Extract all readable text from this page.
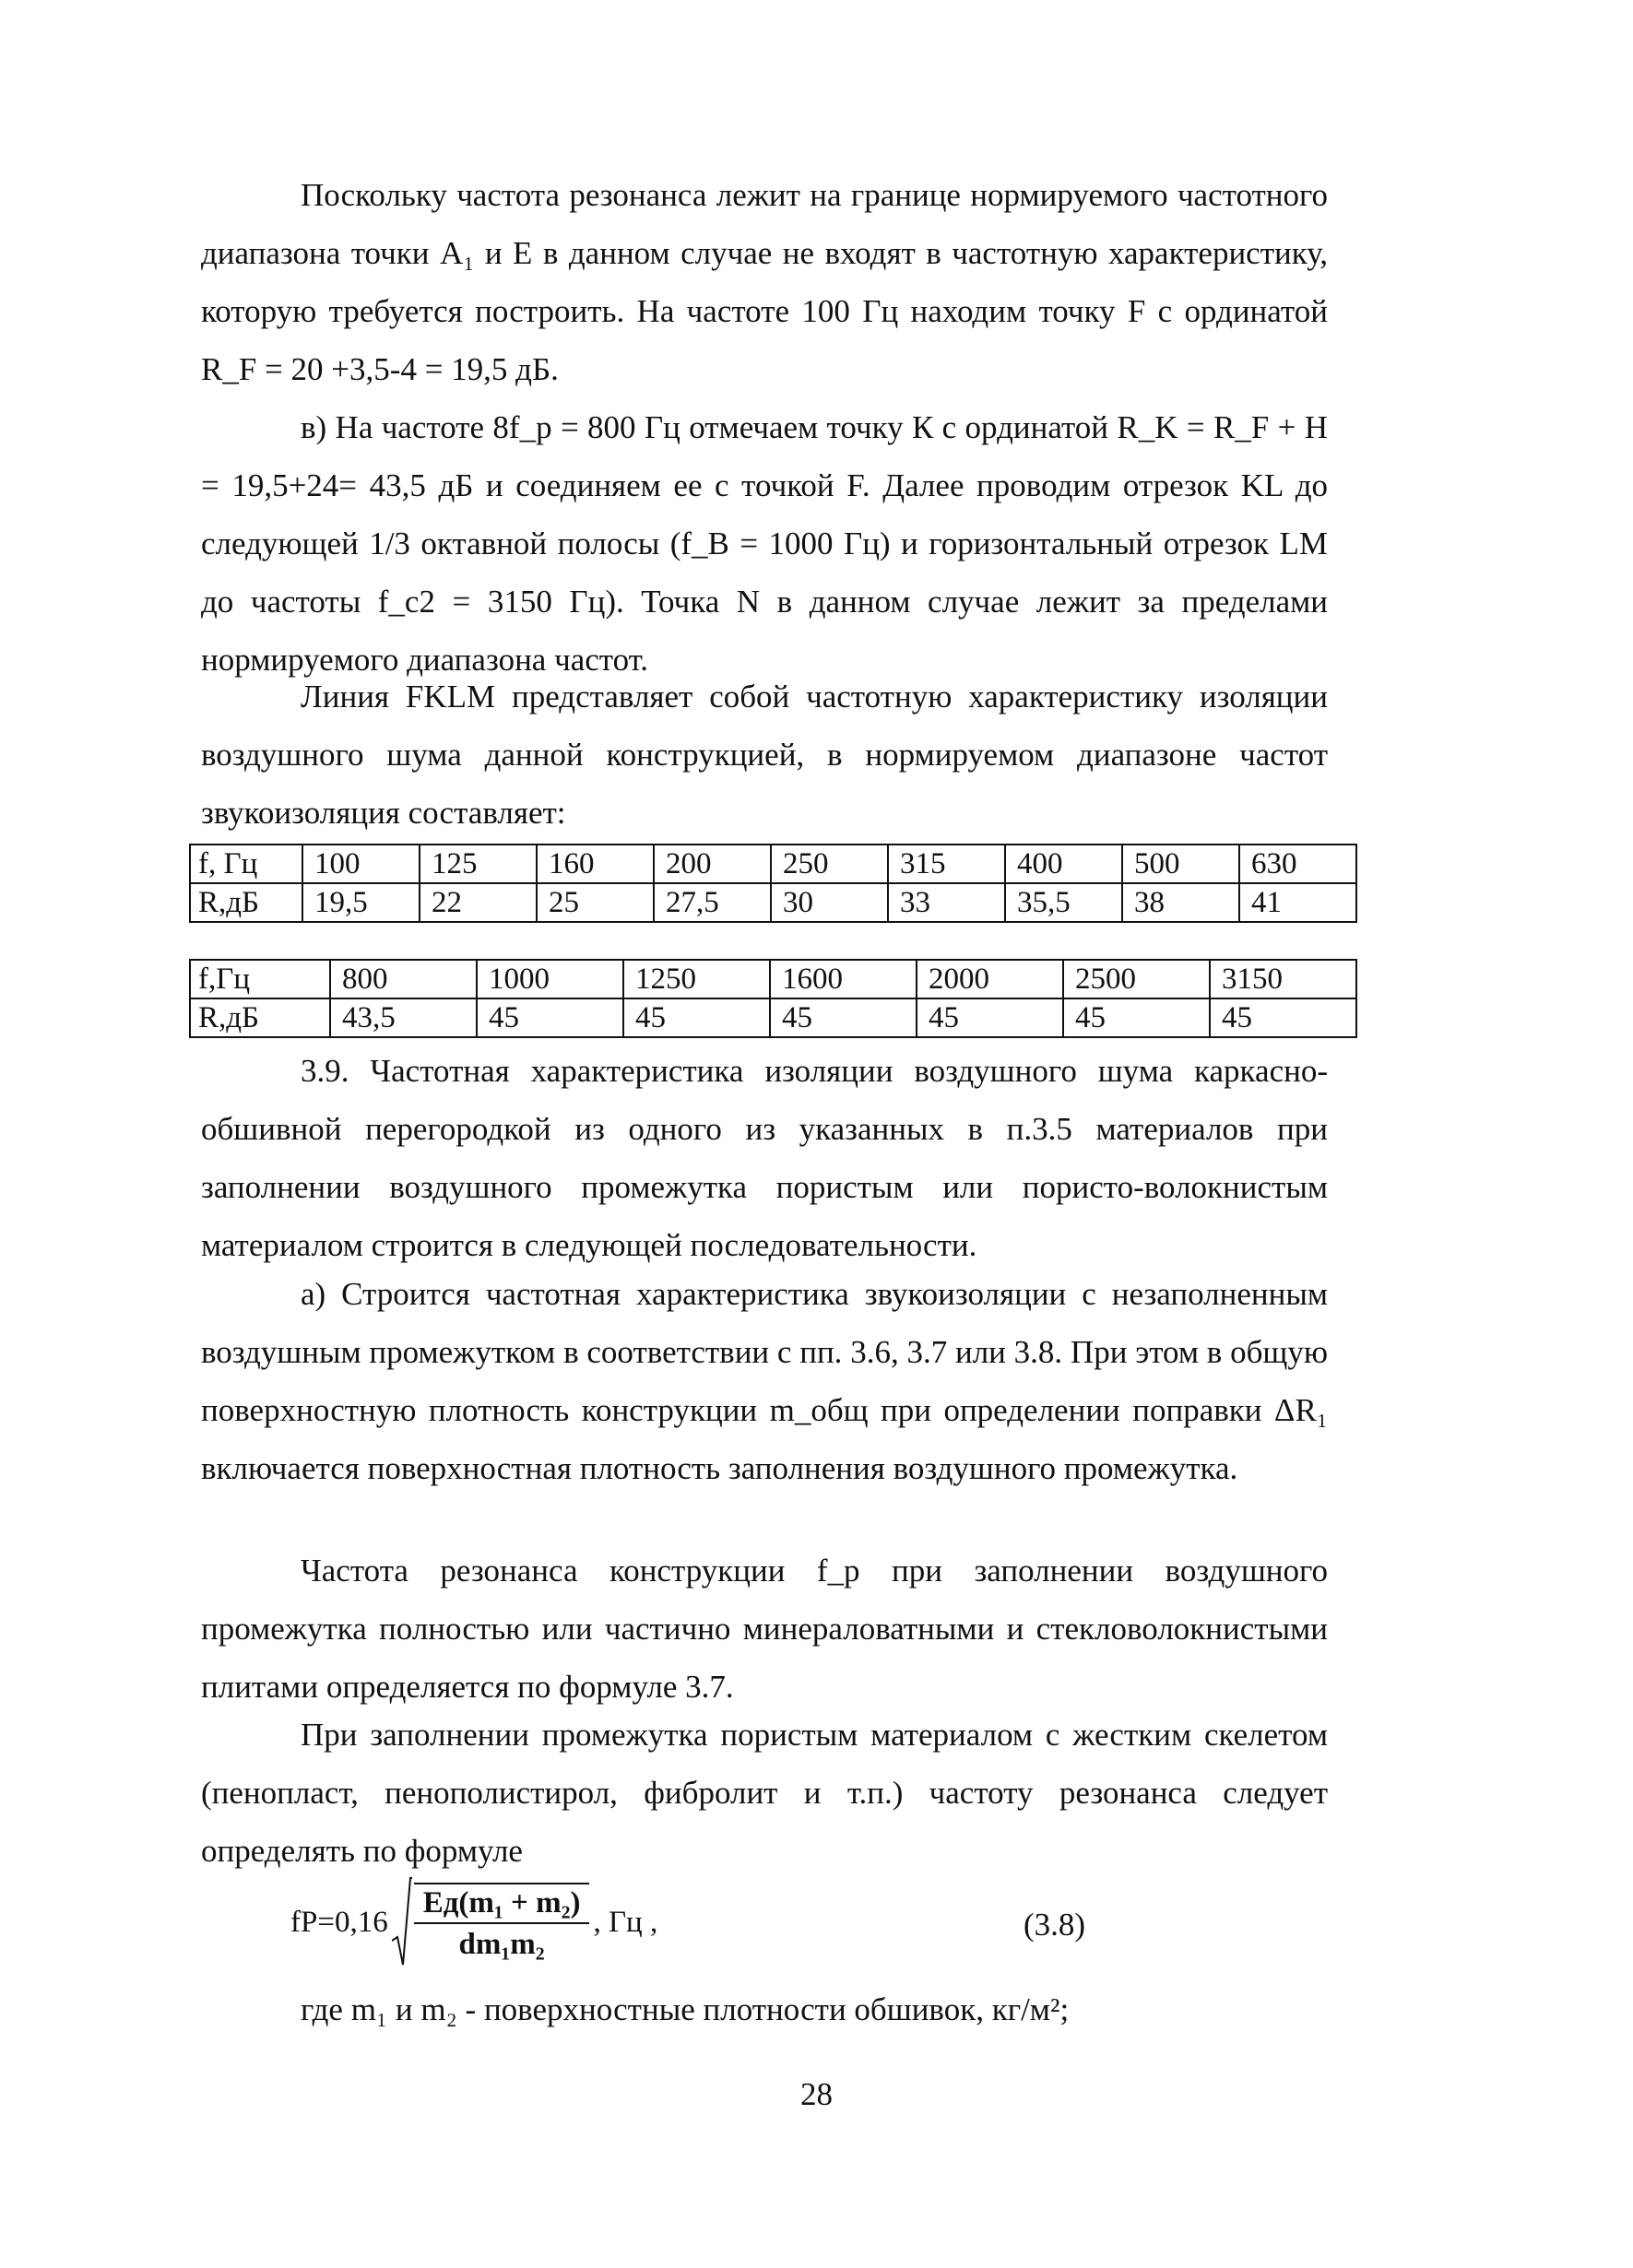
Поскольку частота резонанса лежит на границе нормируемого частотного диапазона точки A₁ и E в данном случае не входят в частотную характеристику, которую требуется построить. На частоте 100 Гц находим точку F с ординатой R_F = 20 +3,5-4 = 19,5 дБ.

в) На частоте 8f_p = 800 Гц отмечаем точку К с ординатой R_K = R_F + H = 19,5+24= 43,5 дБ и соединяем ее с точкой F. Далее проводим отрезок KL до следующей 1/3 октавной полосы (f_B = 1000 Гц) и горизонтальный отрезок LM до частоты f_c2 = 3150 Гц). Точка N в данном случае лежит за пределами нормируемого диапазона частот.

Линия FKLM представляет собой частотную характеристику изоляции воздушного шума данной конструкцией, в нормируемом диапазоне частот звукоизоляция составляет:

f, Гц	100	125	160	200	250	315	400	500	630
R,дБ	19,5	22	25	27,5	30	33	35,5	38	41
f,Гц	800	1000	1250	1600	2000	2500	3150
R,дБ	43,5	45	45	45	45	45	45

3.9. Частотная характеристика изоляции воздушного шума каркасно-обшивной перегородкой из одного из указанных в п.3.5 материалов при заполнении воздушного промежутка пористым или пористо-волокнистым материалом строится в следующей последовательности.

а) Строится частотная характеристика звукоизоляции с незаполненным воздушным промежутком в соответствии с пп. 3.6, 3.7 или 3.8. При этом в общую поверхностную плотность конструкции m_общ при определении поправки ΔR₁ включается поверхностная плотность заполнения воздушного промежутка.

Частота резонанса конструкции f_p при заполнении воздушного промежутка полностью или частично минераловатными и стекловолокнистыми плитами определяется по формуле 3.7.

При заполнении промежутка пористым материалом с жестким скелетом (пенопласт, пенополистирол, фибролит и т.п.) частоту резонанса следует определять по формуле

$fP=0,16 \frac{\text{Eд(m₁ + m₂)}}{\text{dm₁m₂}}$ , Гц ,	(3.8)

где m₁ и m₂ - поверхностные плотности обшивок, кг/м²;

28
